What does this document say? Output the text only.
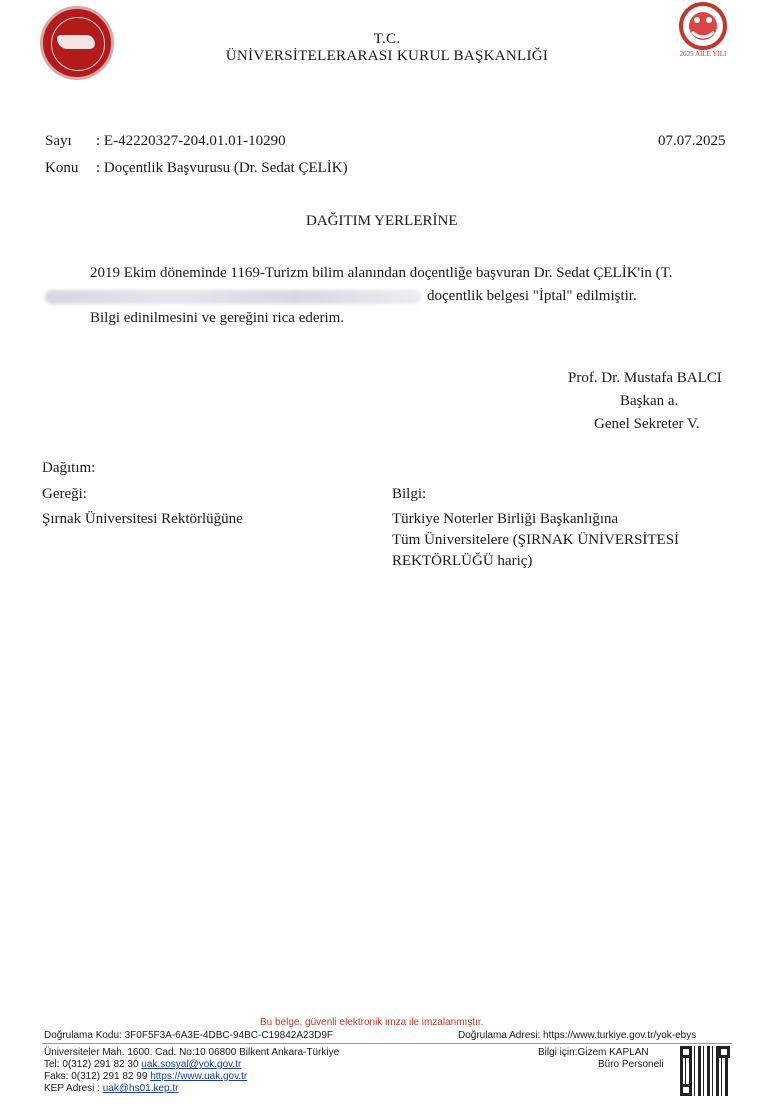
2025 AİLE YILI
T.C.
ÜNİVERSİTELERARASI KURUL BAŞKANLIĞI
Sayı : E-42220327-204.01.01-10290	07.07.2025
Konu : Doçentlik Başvurusu (Dr. Sedat ÇELİK)
DAĞITIM YERLERİNE
2019 Ekim döneminde 1169-Turizm bilim alanından doçentliğe başvuran Dr. Sedat ÇELİK'in (T.
doçentlik belgesi "İptal" edilmiştir.
Bilgi edinilmesini ve gereğini rica ederim.
Prof. Dr. Mustafa BALCI
Başkan a.
Genel Sekreter V.
Dağıtım:
Gereği:
Şırnak Üniversitesi Rektörlüğüne
Bilgi:
Türkiye Noterler Birliği Başkanlığına
Tüm Üniversitelere (ŞIRNAK ÜNİVERSİTESİ
REKTÖRLÜĞÜ hariç)
Bu belge, güvenli elektronik imza ile imzalanmıştır.
Doğrulama Kodu: 3F0F5F3A-6A3E-4DBC-94BC-C19842A23D9F	Doğrulama Adresi: https://www.turkiye.gov.tr/yok-ebys
Üniversiteler Mah. 1600. Cad. No:10 06800 Bilkent Ankara-Türkiye
Tel: 0(312) 291 82 30 uak.sosyal@yok.gov.tr
Faks: 0(312) 291 82 99 https://www.uak.gov.tr
KEP Adresi : uak@hs01.kep.tr
Bilgi için:Gizem KAPLAN
Büro Personeli
